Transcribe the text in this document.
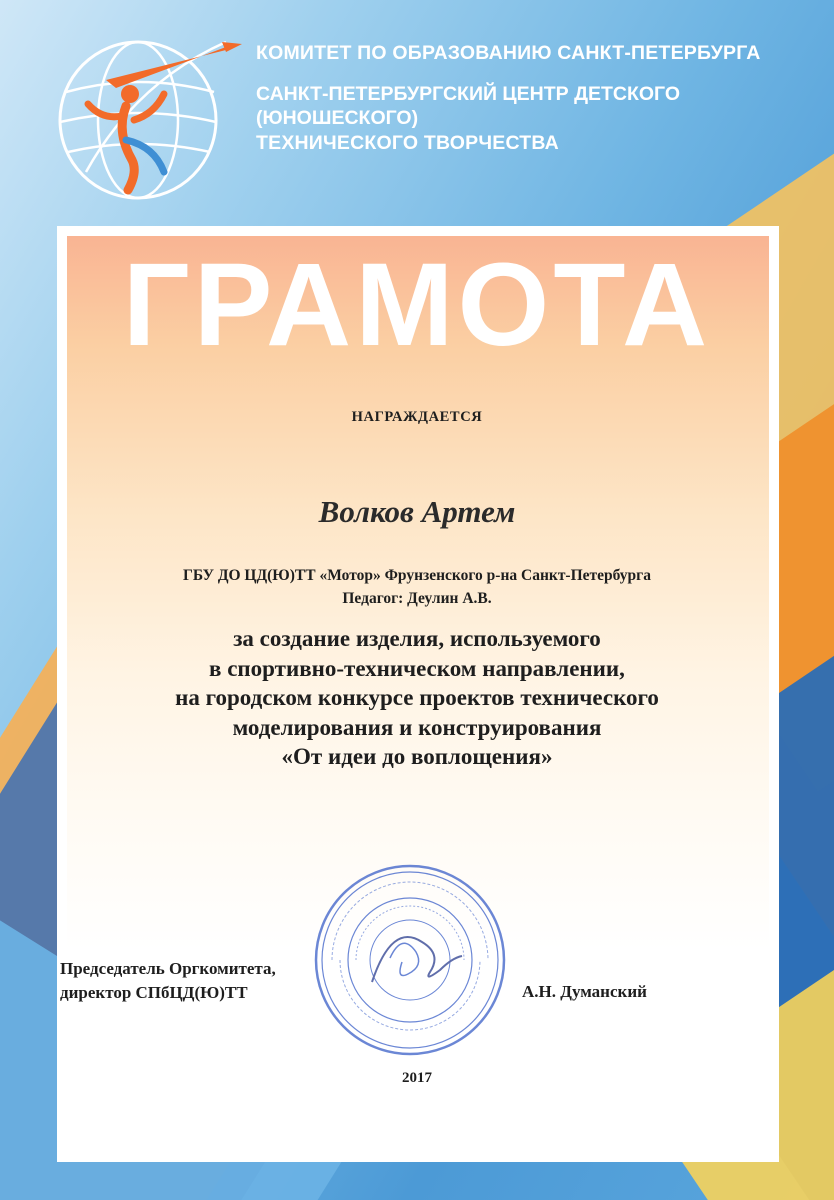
КОМИТЕТ ПО ОБРАЗОВАНИЮ САНКТ-ПЕТЕРБУРГА
САНКТ-ПЕТЕРБУРГСКИЙ ЦЕНТР ДЕТСКОГО (ЮНОШЕСКОГО)
ТЕХНИЧЕСКОГО ТВОРЧЕСТВА
ГРАМОТА
НАГРАЖДАЕТСЯ
Волков Артем
ГБУ ДО ЦД(Ю)ТТ «Мотор» Фрунзенского р-на Санкт-Петербурга
Педагог: Деулин А.В.
за создание изделия, используемого
в спортивно-техническом направлении,
на городском конкурсе проектов технического
моделирования и конструирования
«От идеи до воплощения»
Председатель Оргкомитета,
директор СПбЦД(Ю)ТТ	А.Н. Думанский
2017
